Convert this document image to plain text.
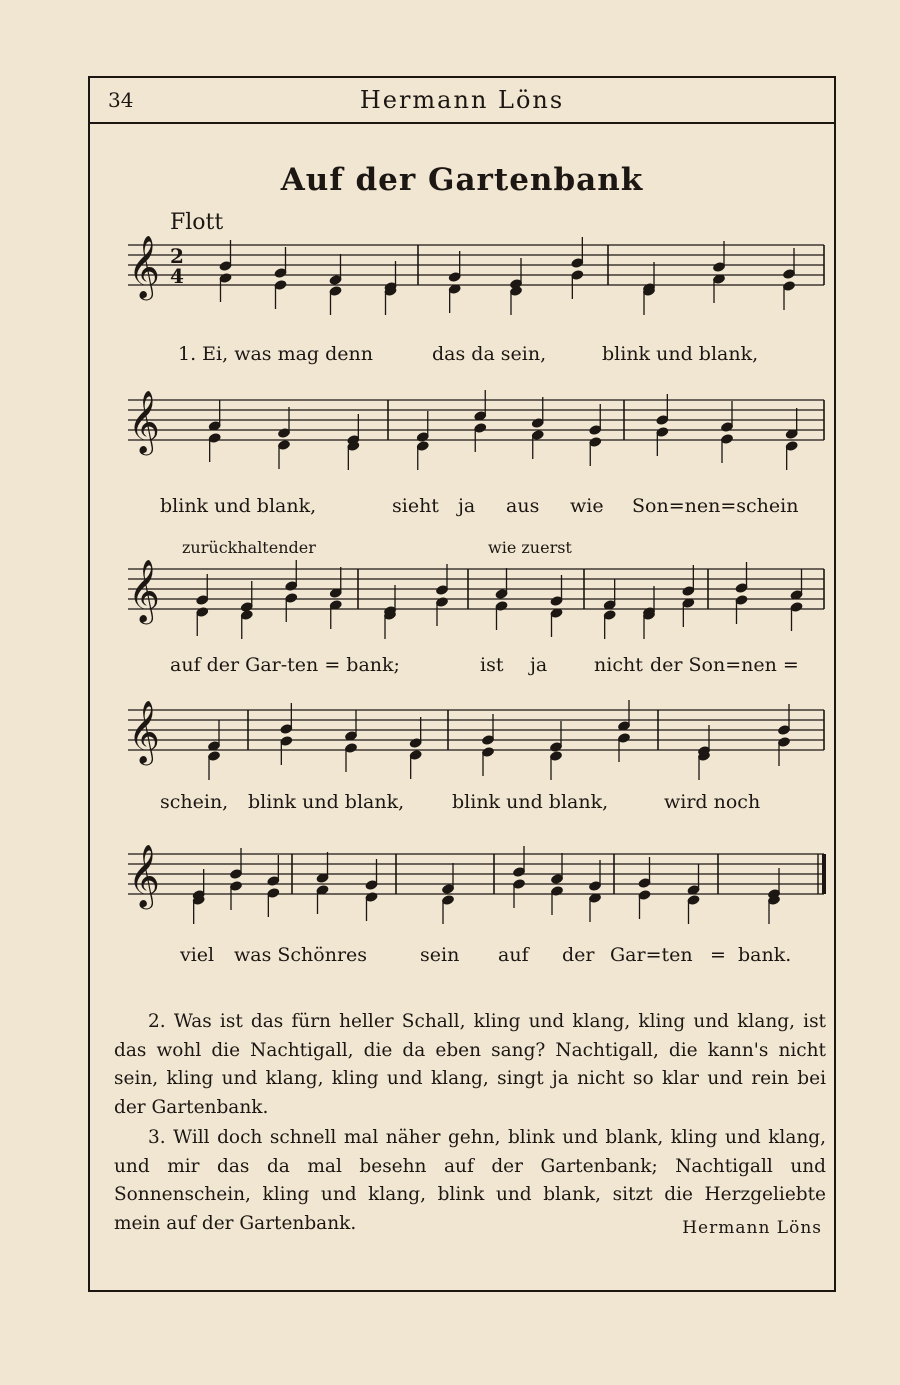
34	Hermann Löns
Auf der Gartenbank
Flott
𝄞 2
4
1. Ei, was mag denn	das da sein,	blink und blank,
𝄞
blink und blank,	sieht ja aus wie Son=nen=schein
zurückhaltender	wie zuerst
𝄞
auf der Gar-ten = bank;	ist ja nicht der Son=nen =
𝄞
schein, blink und blank,	blink und blank,	wird noch
𝄞
viel was Schönres	sein auf der Gar=ten = bank.

2. Was ist das fürn heller Schall, kling und klang, kling und klang, ist das wohl die Nachtigall, die da eben sang? Nachtigall, die kann's nicht sein, kling und klang, kling und klang, singt ja nicht so klar und rein bei der Gartenbank.

3. Will doch schnell mal näher gehn, blink und blank, kling und klang, und mir das da mal besehn auf der Gartenbank; Nachtigall und Sonnenschein, kling und klang, blink und blank, sitzt die Herzgeliebte mein auf der Gartenbank.	Hermann Löns
